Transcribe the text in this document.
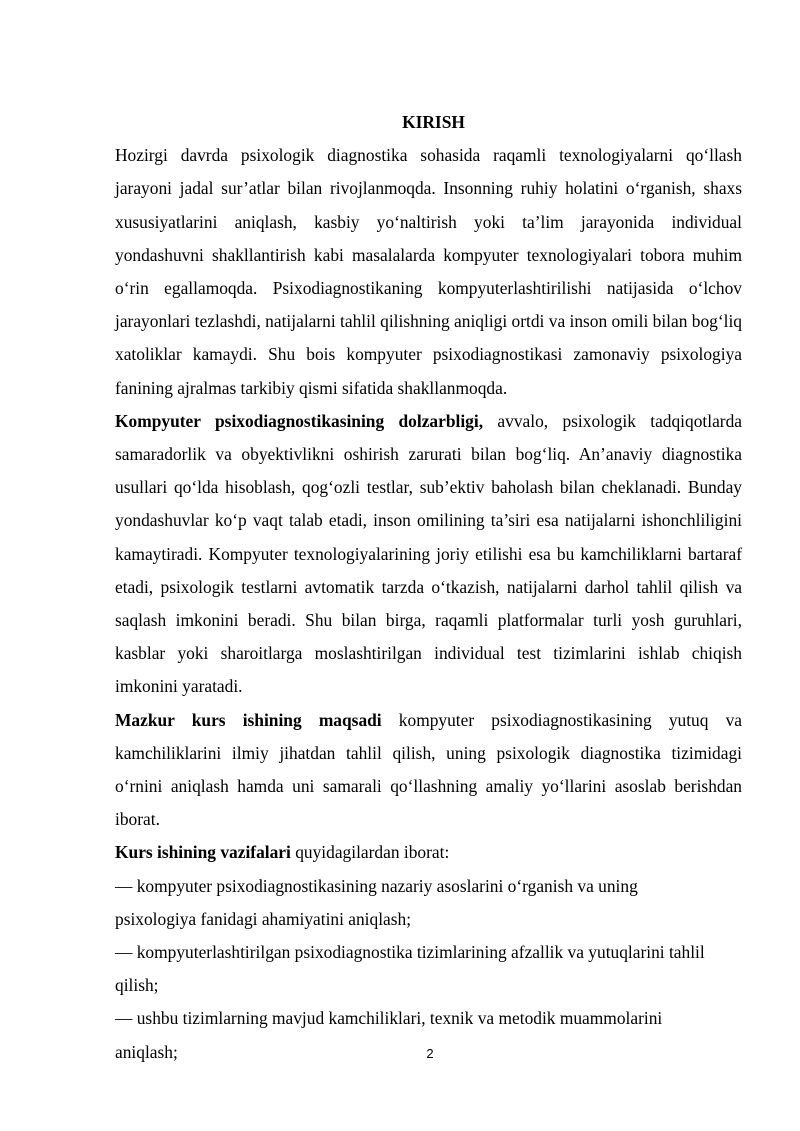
KIRISH

Hozirgi davrda psixologik diagnostika sohasida raqamli texnologiyalarni qo‘llash jarayoni jadal sur’atlar bilan rivojlanmoqda. Insonning ruhiy holatini o‘rganish, shaxs xususiyatlarini aniqlash, kasbiy yo‘naltirish yoki ta’lim jarayonida individual yondashuvni shakllantirish kabi masalalarda kompyuter texnologiyalari tobora muhim o‘rin egallamoqda. Psixodiagnostikaning kompyuterlashtirilishi natijasida o‘lchov jarayonlari tezlashdi, natijalarni tahlil qilishning aniqligi ortdi va inson omili bilan bog‘liq xatoliklar kamaydi. Shu bois kompyuter psixodiagnostikasi zamonaviy psixologiya fanining ajralmas tarkibiy qismi sifatida shakllanmoqda.

Kompyuter psixodiagnostikasining dolzarbligi, avvalo, psixologik tadqiqotlarda samaradorlik va obyektivlikni oshirish zarurati bilan bog‘liq. An’anaviy diagnostika usullari qo‘lda hisoblash, qog‘ozli testlar, sub’ektiv baholash bilan cheklanadi. Bunday yondashuvlar ko‘p vaqt talab etadi, inson omilining ta’siri esa natijalarni ishonchliligini kamaytiradi. Kompyuter texnologiyalarining joriy etilishi esa bu kamchiliklarni bartaraf etadi, psixologik testlarni avtomatik tarzda o‘tkazish, natijalarni darhol tahlil qilish va saqlash imkonini beradi. Shu bilan birga, raqamli platformalar turli yosh guruhlari, kasblar yoki sharoitlarga moslashtirilgan individual test tizimlarini ishlab chiqish imkonini yaratadi.

Mazkur kurs ishining maqsadi kompyuter psixodiagnostikasining yutuq va kamchiliklarini ilmiy jihatdan tahlil qilish, uning psixologik diagnostika tizimidagi o‘rnini aniqlash hamda uni samarali qo‘llashning amaliy yo‘llarini asoslab berishdan iborat.

Kurs ishining vazifalari quyidagilardan iborat:

— kompyuter psixodiagnostikasining nazariy asoslarini o‘rganish va uning psixologiya fanidagi ahamiyatini aniqlash;

— kompyuterlashtirilgan psixodiagnostika tizimlarining afzallik va yutuqlarini tahlil qilish;

— ushbu tizimlarning mavjud kamchiliklari, texnik va metodik muammolarini aniqlash;	2
